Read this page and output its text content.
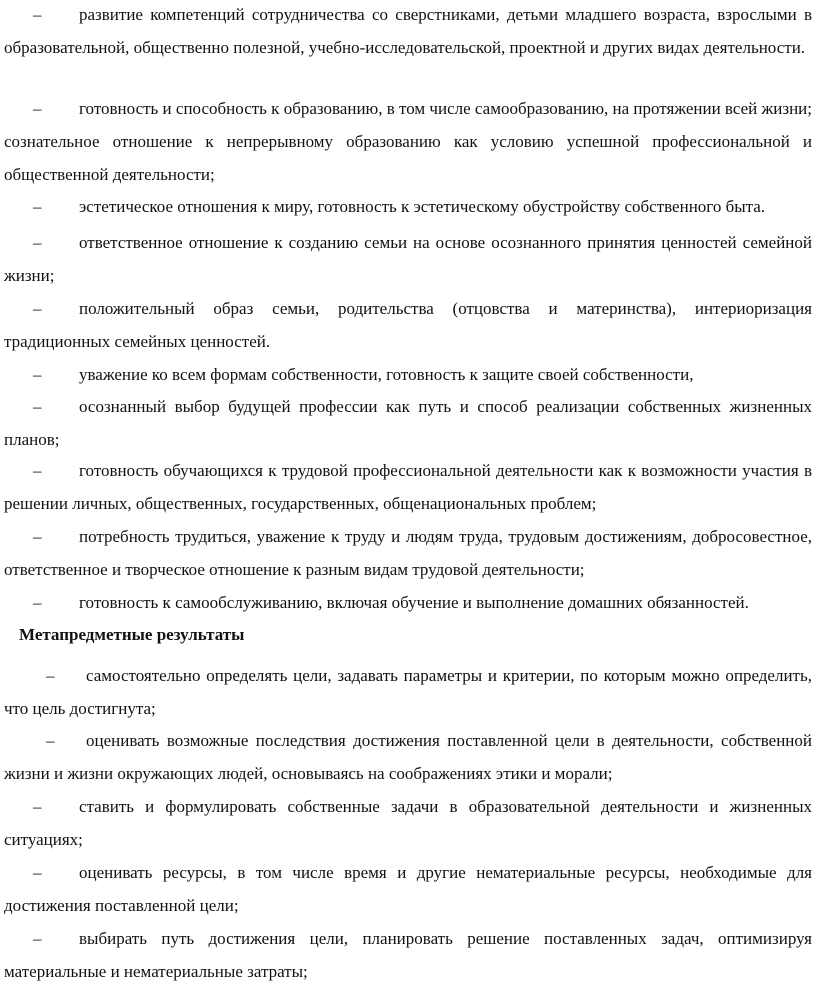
– развитие компетенций сотрудничества со сверстниками, детьми младшего возраста, взрослыми в образовательной, общественно полезной, учебно-исследовательской, проектной и других видах деятельности.

– готовность и способность к образованию, в том числе самообразованию, на протяжении всей жизни; сознательное отношение к непрерывному образованию как условию успешной профессиональной и общественной деятельности;

– эстетическое отношения к миру, готовность к эстетическому обустройству собственного быта.

– ответственное отношение к созданию семьи на основе осознанного принятия ценностей семейной жизни;

– положительный образ семьи, родительства (отцовства и материнства), интериоризация традиционных семейных ценностей.

– уважение ко всем формам собственности, готовность к защите своей собственности,

– осознанный выбор будущей профессии как путь и способ реализации собственных жизненных планов;

– готовность обучающихся к трудовой профессиональной деятельности как к возможности участия в решении личных, общественных, государственных, общенациональных проблем;

– потребность трудиться, уважение к труду и людям труда, трудовым достижениям, добросовестное, ответственное и творческое отношение к разным видам трудовой деятельности;

– готовность к самообслуживанию, включая обучение и выполнение домашних обязанностей.

Метапредметные результаты

– самостоятельно определять цели, задавать параметры и критерии, по которым можно определить, что цель достигнута;

– оценивать возможные последствия достижения поставленной цели в деятельности, собственной жизни и жизни окружающих людей, основываясь на соображениях этики и морали;

– ставить и формулировать собственные задачи в образовательной деятельности и жизненных ситуациях;

– оценивать ресурсы, в том числе время и другие нематериальные ресурсы, необходимые для достижения поставленной цели;

– выбирать путь достижения цели, планировать решение поставленных задач, оптимизируя материальные и нематериальные затраты;
